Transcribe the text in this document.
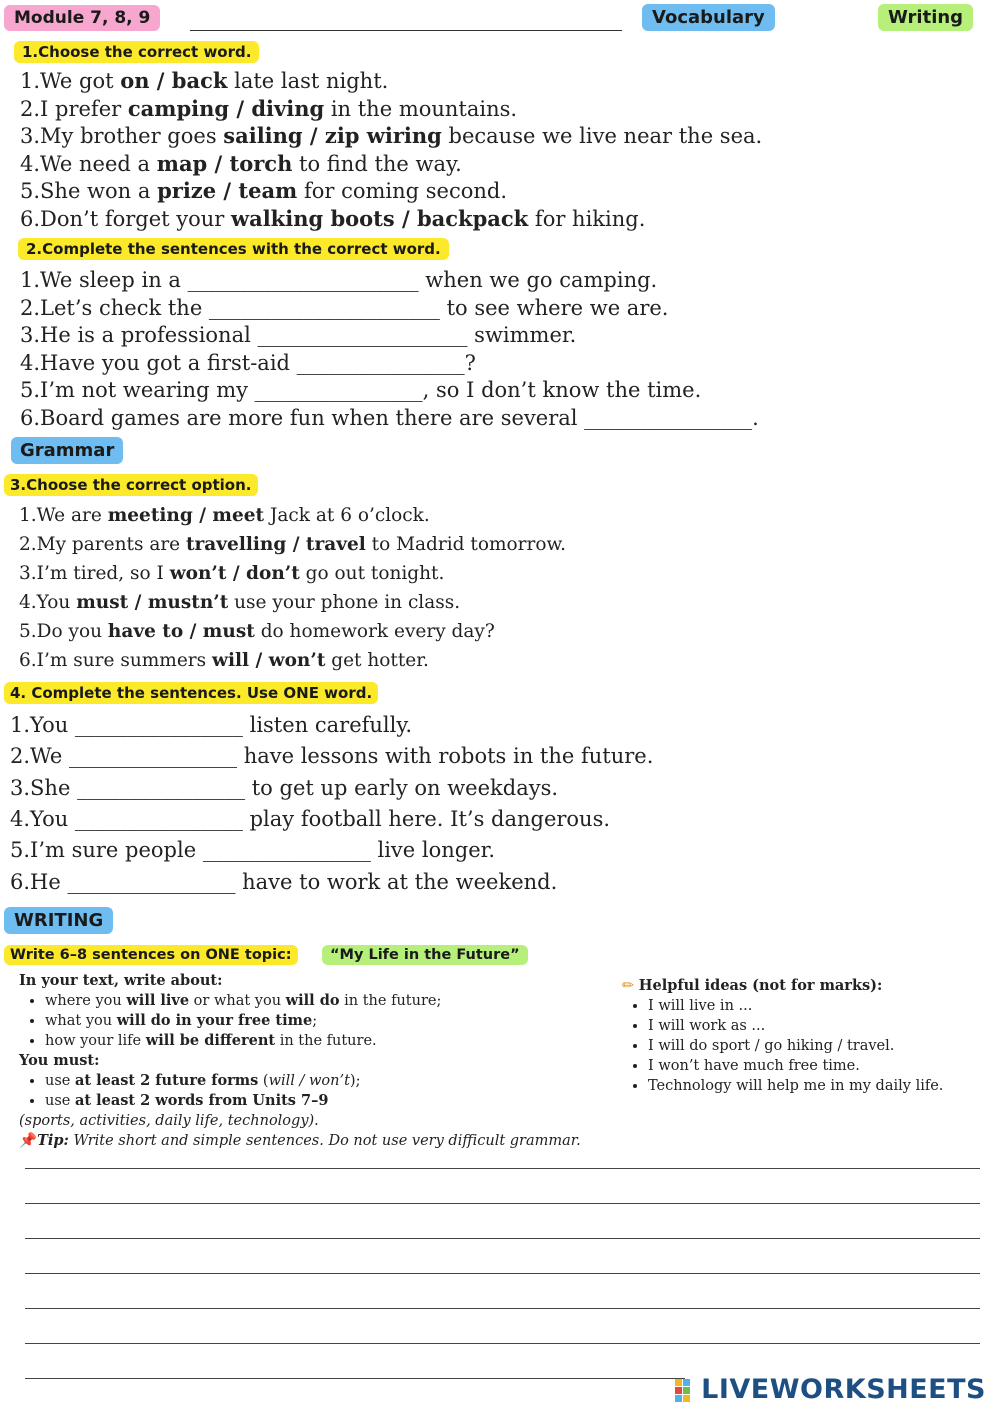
Module 7, 8, 9	Vocabulary	Writing
1.Choose the correct word.
1.We got on / back late last night.
2.I prefer camping / diving in the mountains.
3.My brother goes sailing / zip wiring because we live near the sea.
4.We need a map / torch to find the way.
5.She won a prize / team for coming second.
6.Don’t forget your walking boots / backpack for hiking.
2.Complete the sentences with the correct word.
1.We sleep in a ______________________ when we go camping.
2.Let’s check the ______________________ to see where we are.
3.He is a professional ____________________ swimmer.
4.Have you got a first-aid ________________?
5.I’m not wearing my ________________, so I don’t know the time.
6.Board games are more fun when there are several ________________.
Grammar
3.Choose the correct option.
1.We are meeting / meet Jack at 6 o’clock.
2.My parents are travelling / travel to Madrid tomorrow.
3.I’m tired, so I won’t / don’t go out tonight.
4.You must / mustn’t use your phone in class.
5.Do you have to / must do homework every day?
6.I’m sure summers will / won’t get hotter.
4. Complete the sentences. Use ONE word.
1.You ________________ listen carefully.
2.We ________________ have lessons with robots in the future.
3.She ________________ to get up early on weekdays.
4.You ________________ play football here. It’s dangerous.
5.I’m sure people ________________ live longer.
6.He ________________ have to work at the weekend.
WRITING
Write 6–8 sentences on ONE topic:	“My Life in the Future”
In your text, write about:
• where you will live or what you will do in the future;
• what you will do in your free time;
• how your life will be different in the future.
You must:
• use at least 2 future forms (will / won’t);
• use at least 2 words from Units 7–9
(sports, activities, daily life, technology).
📌Tip: Write short and simple sentences. Do not use very difficult grammar.
✏ Helpful ideas (not for marks):
• I will live in ...
• I will work as ...
• I will do sport / go hiking / travel.
• I won’t have much free time.
• Technology will help me in my daily life.
LIVEWORKSHEETS
